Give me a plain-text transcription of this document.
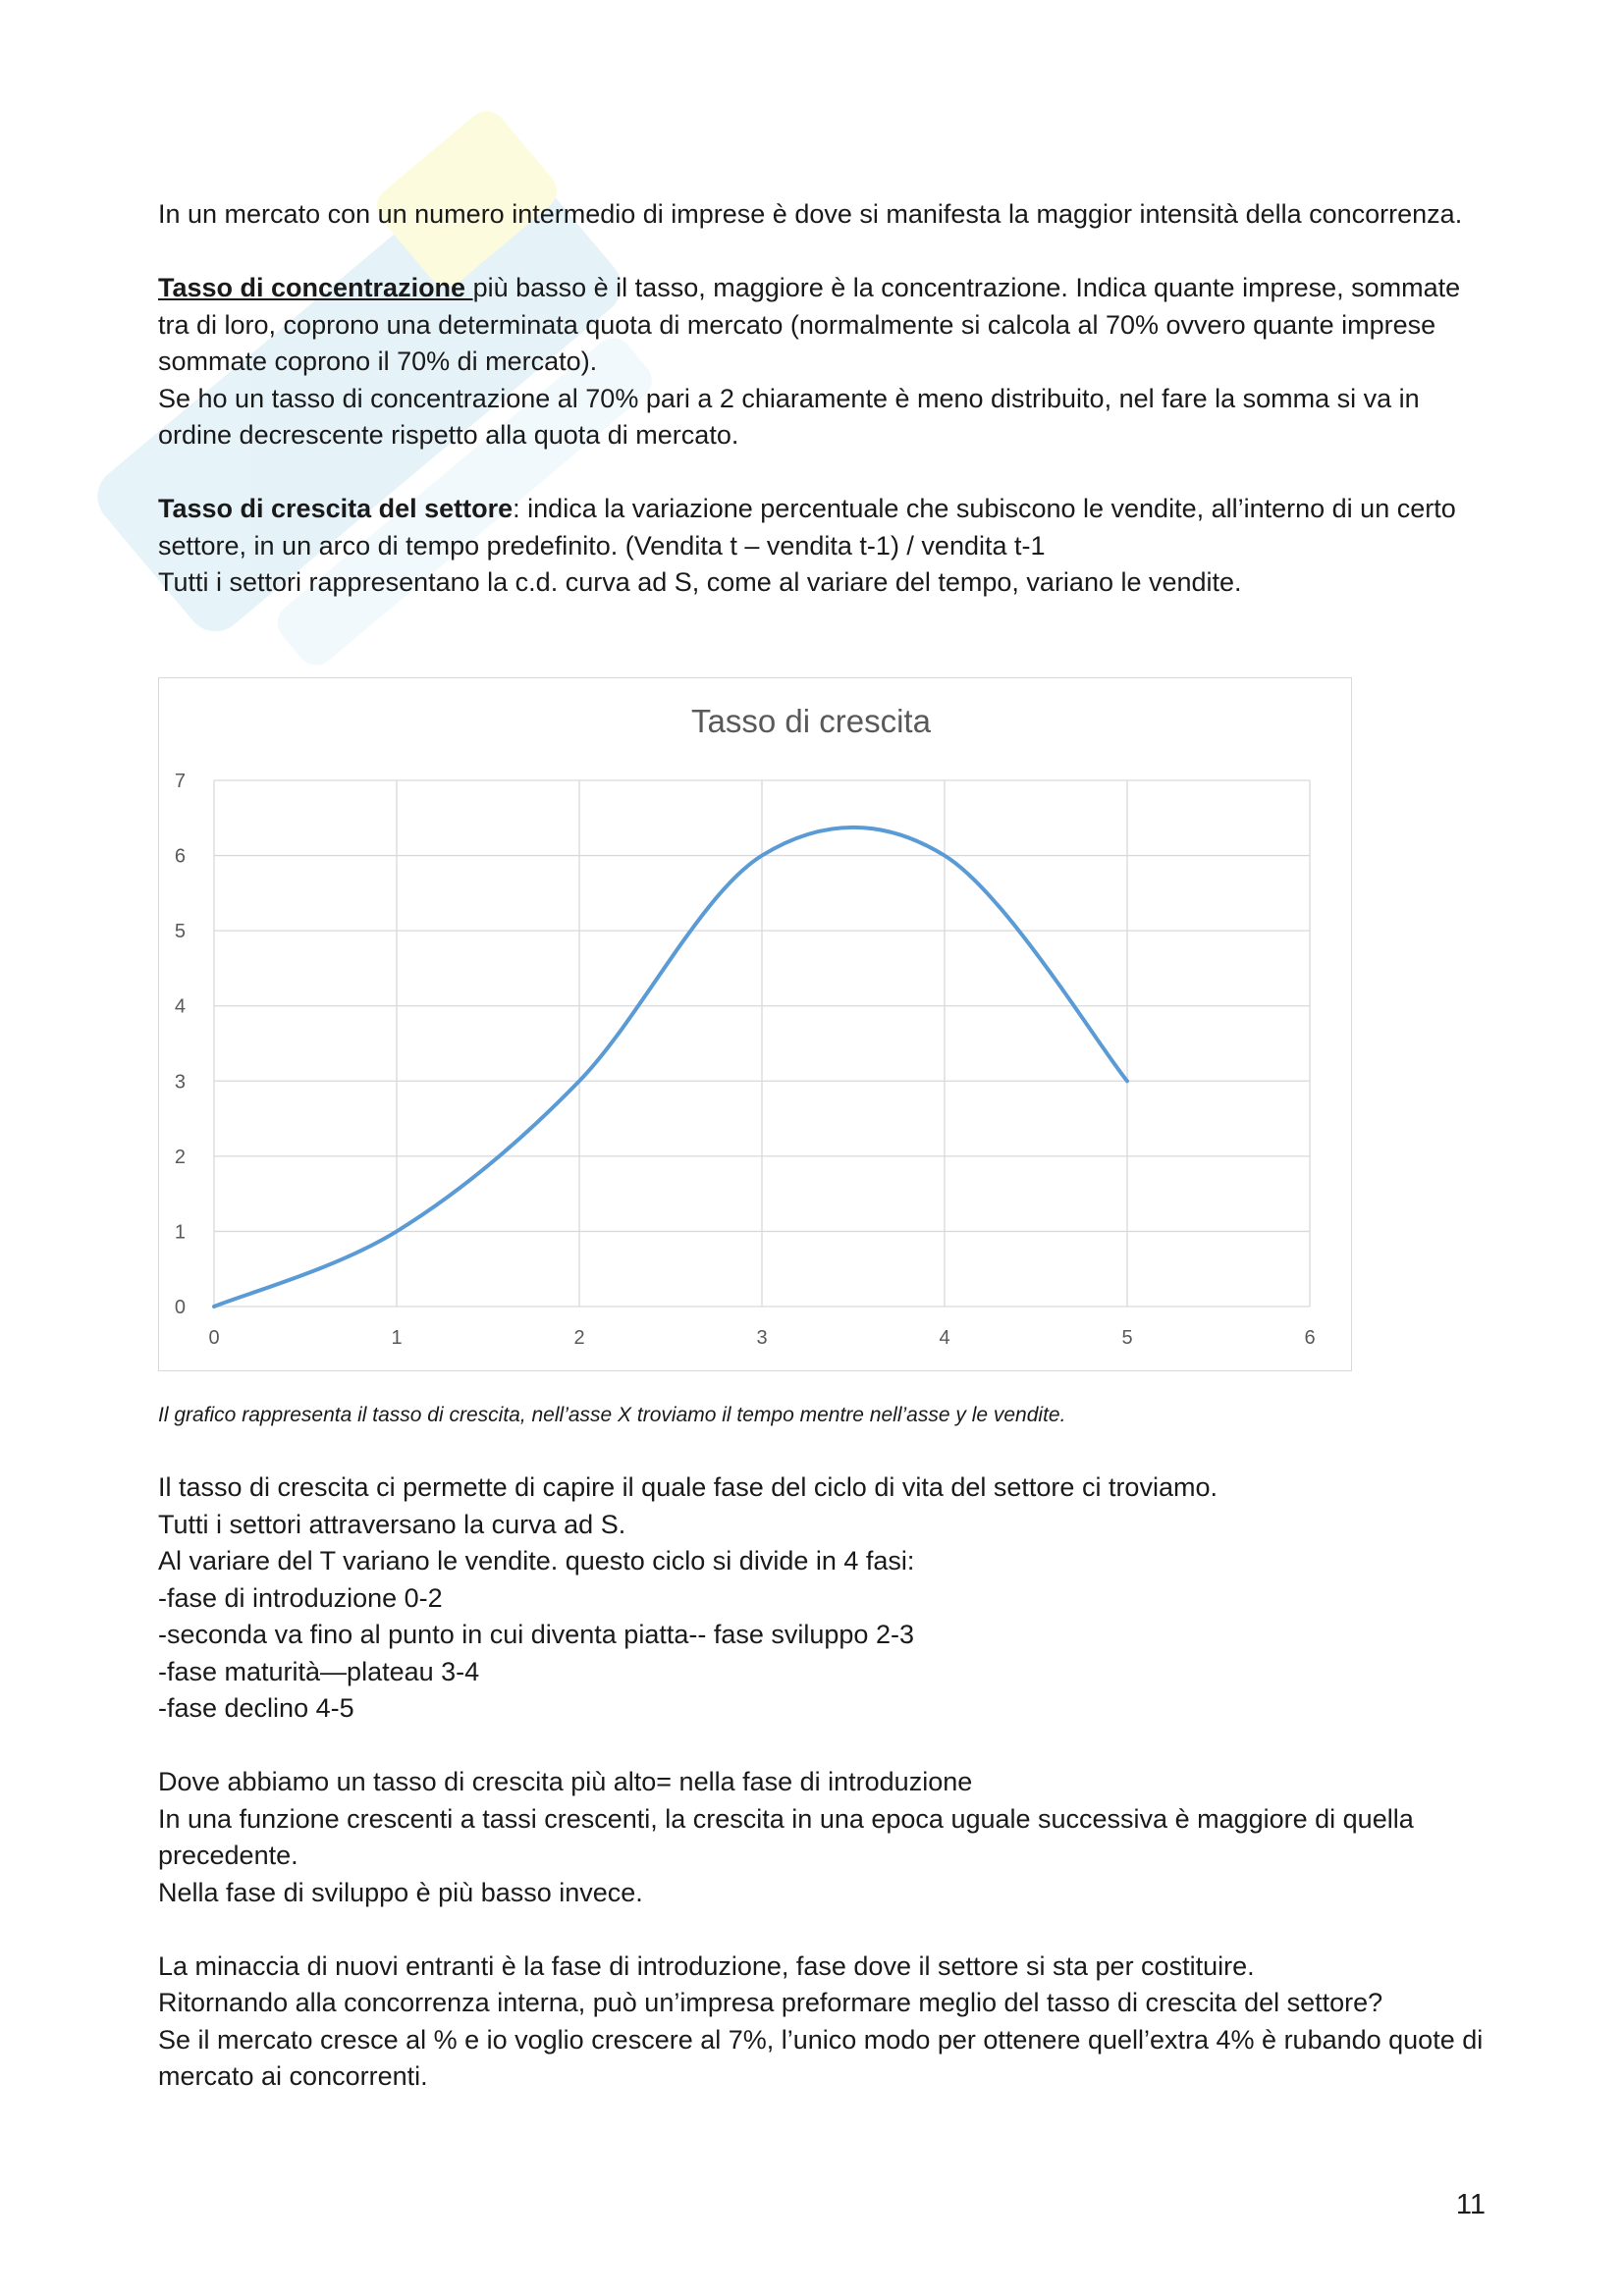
In un mercato con un numero intermedio di imprese è dove si manifesta la maggior intensità della concorrenza.

Tasso di concentrazione più basso è il tasso, maggiore è la concentrazione. Indica quante imprese, sommate tra di loro, coprono una determinata quota di mercato (normalmente si calcola al 70% ovvero quante imprese sommate coprono il 70% di mercato).

Se ho un tasso di concentrazione al 70% pari a 2 chiaramente è meno distribuito, nel fare la somma si va in ordine decrescente rispetto alla quota di mercato.

Tasso di crescita del settore: indica la variazione percentuale che subiscono le vendite, all’interno di un certo settore, in un arco di tempo predefinito. (Vendita t – vendita t-1) / vendita t-1

Tutti i settori rappresentano la c.d. curva ad S, come al variare del tempo, variano le vendite.

Tasso di crescita
0
1
2
3
4
5
6
7
0	1	2	3	4	5	6
Il grafico rappresenta il tasso di crescita, nell’asse X troviamo il tempo mentre nell’asse y le vendite.

Il tasso di crescita ci permette di capire il quale fase del ciclo di vita del settore ci troviamo.

Tutti i settori attraversano la curva ad S.

Al variare del T variano le vendite. questo ciclo si divide in 4 fasi:

-fase di introduzione 0-2

-seconda va fino al punto in cui diventa piatta-- fase sviluppo 2-3

-fase maturità—plateau 3-4

-fase declino 4-5

Dove abbiamo un tasso di crescita più alto= nella fase di introduzione

In una funzione crescenti a tassi crescenti, la crescita in una epoca uguale successiva è maggiore di quella precedente.

Nella fase di sviluppo è più basso invece.

La minaccia di nuovi entranti è la fase di introduzione, fase dove il settore si sta per costituire.

Ritornando alla concorrenza interna, può un’impresa preformare meglio del tasso di crescita del settore?

Se il mercato cresce al % e io voglio crescere al 7%, l’unico modo per ottenere quell’extra 4% è rubando quote di mercato ai concorrenti.

11
